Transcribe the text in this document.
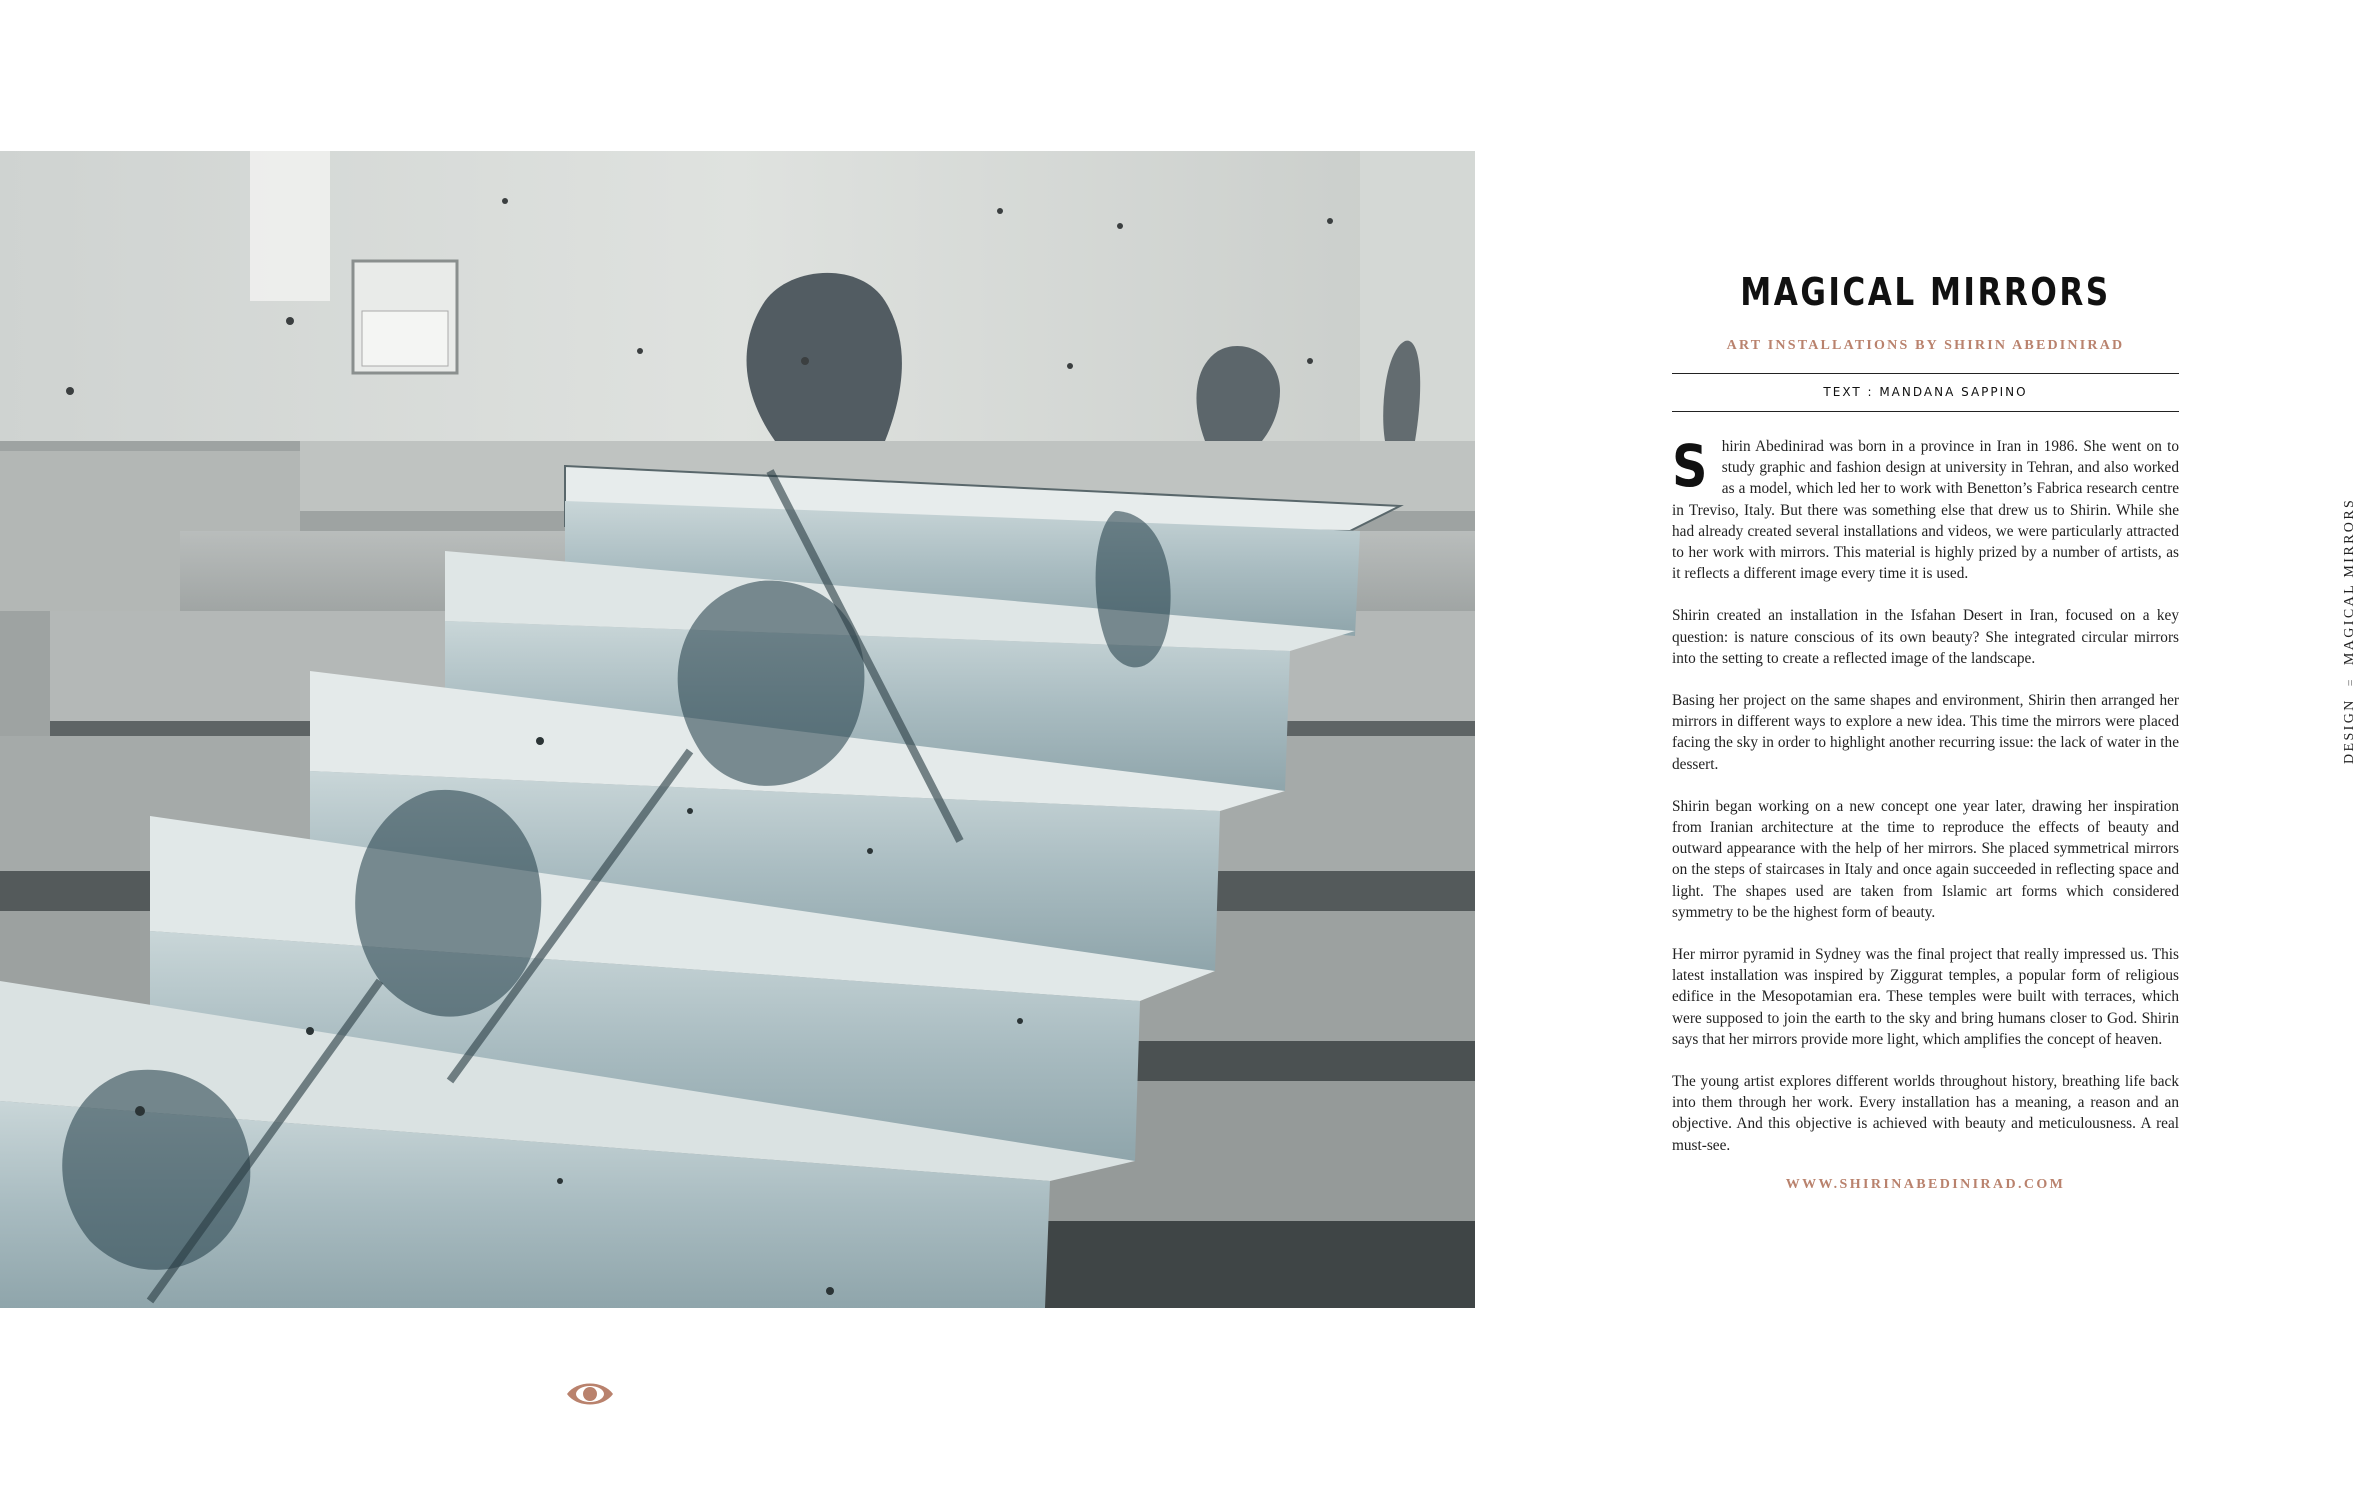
MAGICAL MIRRORS
ART INSTALLATIONS BY SHIRIN ABEDINIRAD
TEXT : MANDANA SAPPINO

Shirin Abedinirad was born in a province in Iran in 1986. She went on to study graphic and fashion design at university in Tehran, and also worked as a model, which led her to work with Benetton’s Fabrica research centre in Treviso, Italy. But there was something else that drew us to Shirin. While she had already created several installations and videos, we were particularly attracted to her work with mirrors. This material is highly prized by a number of artists, as it reflects a different image every time it is used.

Shirin created an installation in the Isfahan Desert in Iran, focused on a key question: is nature conscious of its own beauty? She integrated circular mirrors into the setting to create a reflected image of the landscape.

Basing her project on the same shapes and environment, Shirin then arranged her mirrors in different ways to explore a new idea. This time the mirrors were placed facing the sky in order to highlight another recurring issue: the lack of water in the dessert.

Shirin began working on a new concept one year later, drawing her inspiration from Iranian architecture at the time to reproduce the effects of beauty and outward appearance with the help of her mirrors. She placed symmetrical mirrors on the steps of staircases in Italy and once again succeeded in reflecting space and light. The shapes used are taken from Islamic art forms which considered symmetry to be the highest form of beauty.

Her mirror pyramid in Sydney was the final project that really impressed us. This latest installation was inspired by Ziggurat temples, a popular form of religious edifice in the Mesopotamian era. These temples were built with terraces, which were supposed to join the earth to the sky and bring humans closer to God. Shirin says that her mirrors provide more light, which amplifies the concept of heaven.

The young artist explores different worlds throughout history, breathing life back into them through her work. Every installation has a meaning, a reason and an objective. And this objective is achieved with beauty and meticulousness. A real must-see.

WWW.SHIRINABEDINIRAD.COM
DESIGN
=
MAGICAL MIRRORS
